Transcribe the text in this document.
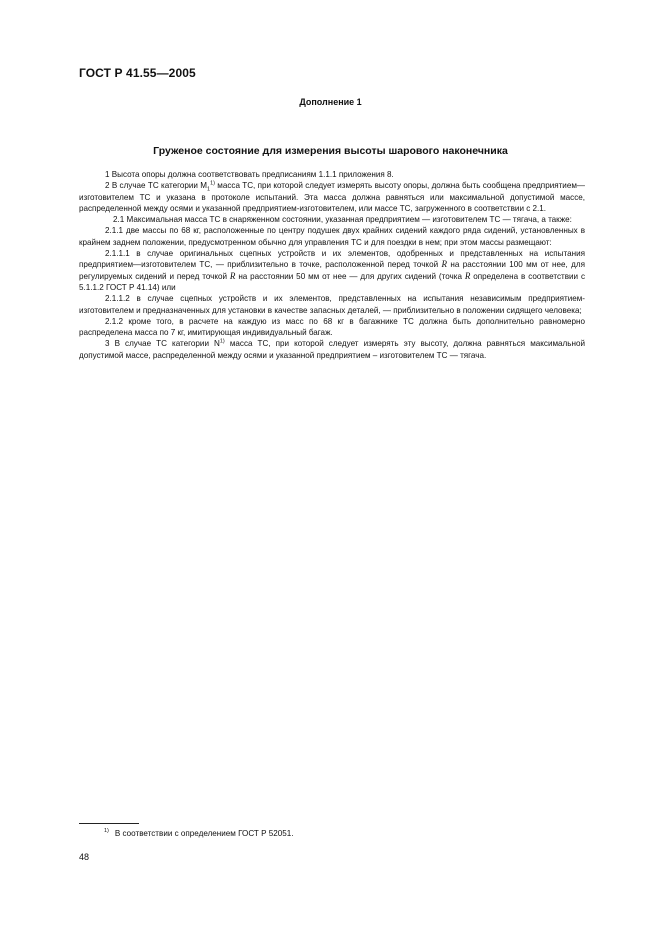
ГОСТ Р 41.55—2005
Дополнение 1
Груженое состояние для измерения высоты шарового наконечника

1 Высота опоры должна соответствовать предписаниям 1.1.1 приложения 8.

2 В случае ТС категории $M_1^{1)}$ масса ТС, при которой следует измерять высоту опоры, должна быть сообщена предприятием—изготовителем ТС и указана в протоколе испытаний. Эта масса должна равняться или максимальной допустимой массе, распределенной между осями и указанной предприятием-изготовителем, или массе ТС, загруженного в соответствии с 2.1.

2.1 Максимальная масса ТС в снаряженном состоянии, указанная предприятием — изготовителем ТС — тягача, а также:

2.1.1 две массы по 68 кг, расположенные по центру подушек двух крайних сидений каждого ряда сидений, установленных в крайнем заднем положении, предусмотренном обычно для управления ТС и для поездки в нем; при этом массы размещают:

2.1.1.1 в случае оригинальных сцепных устройств и их элементов, одобренных и представленных на испытания предприятием—изготовителем ТС, — приблизительно в точке, расположенной перед точкой R на расстоянии 100 мм от нее, для регулируемых сидений и перед точкой R на расстоянии 50 мм от нее — для других сидений (точка R определена в соответствии с 5.1.1.2 ГОСТ Р 41.14) или

2.1.1.2 в случае сцепных устройств и их элементов, представленных на испытания независимым предприятием-изготовителем и предназначенных для установки в качестве запасных деталей, — приблизительно в положении сидящего человека;

2.1.2 кроме того, в расчете на каждую из масс по 68 кг в багажнике ТС должна быть дополнительно равномерно распределена масса по 7 кг, имитирующая индивидуальный багаж.

3 В случае ТС категории $N^{1)}$ масса ТС, при которой следует измерять эту высоту, должна равняться максимальной допустимой массе, распределенной между осями и указанной предприятием – изготовителем ТС — тягача.

$^{1)}$ В соответствии с определением ГОСТ Р 52051.
48
